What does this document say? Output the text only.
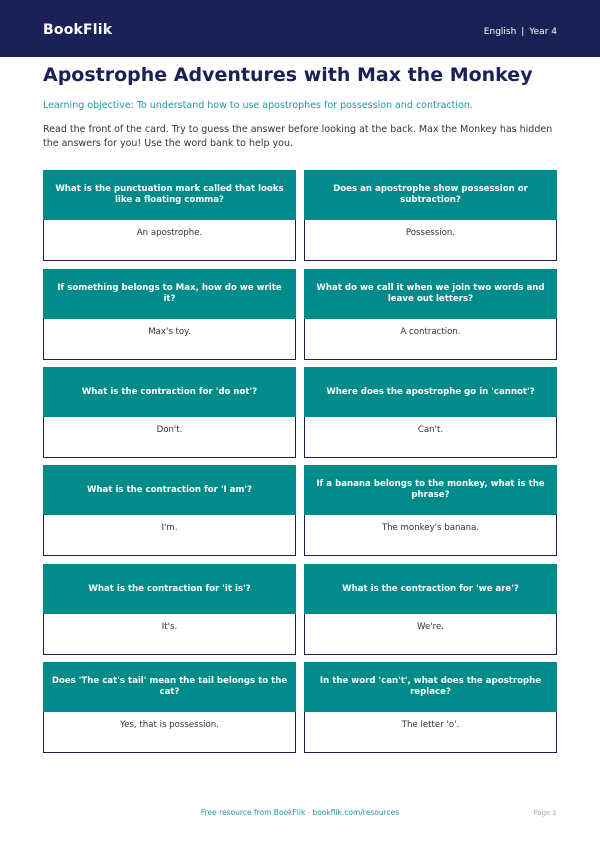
BookFlik	English | Year 4
Apostrophe Adventures with Max the Monkey
Learning objective: To understand how to use apostrophes for possession and contraction.
Read the front of the card. Try to guess the answer before looking at the back. Max the Monkey has hidden the answers for you! Use the word bank to help you.
What is the punctuation mark called that looks like a floating comma?
An apostrophe.
Does an apostrophe show possession or subtraction?
Possession.
If something belongs to Max, how do we write it?
Max's toy.
What do we call it when we join two words and leave out letters?
A contraction.
What is the contraction for 'do not'?
Don't.
Where does the apostrophe go in 'cannot'?
Can't.
What is the contraction for 'I am'?
I'm.
If a banana belongs to the monkey, what is the phrase?
The monkey's banana.
What is the contraction for 'it is'?
It's.
What is the contraction for 'we are'?
We're.
Does 'The cat's tail' mean the tail belongs to the cat?
Yes, that is possession.
In the word 'can't', what does the apostrophe replace?
The letter 'o'.
Free resource from BookFlik · bookflik.com/resources	Page 1
